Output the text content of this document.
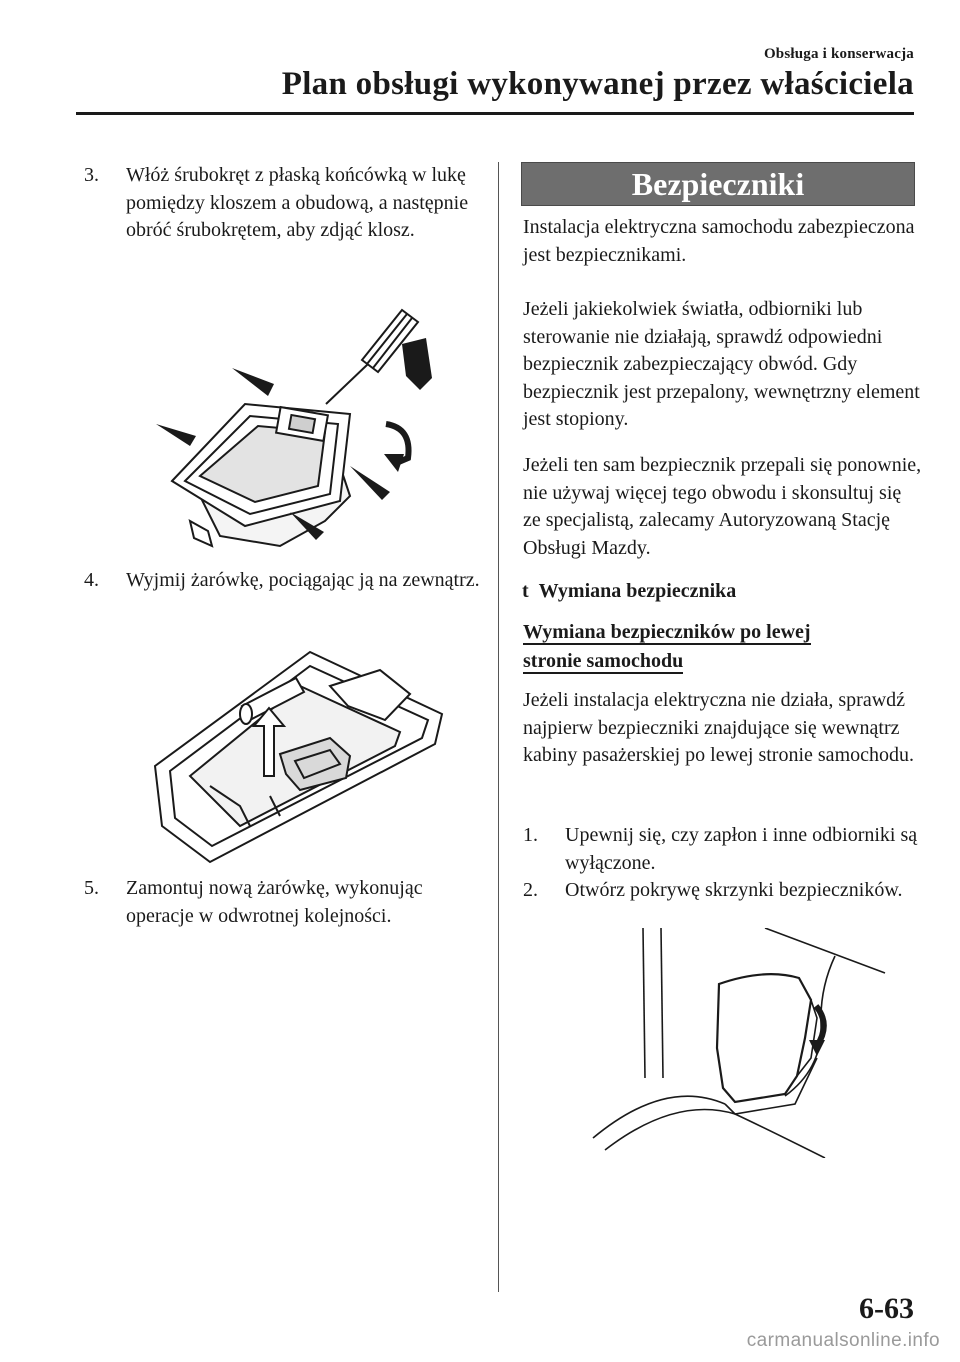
Obsługa i konserwacja
Plan obsługi wykonywanej przez właściciela
3. Włóż śrubokręt z płaską końcówką w lukę pomiędzy kloszem a obudową, a następnie obróć śrubokrętem, aby zdjąć klosz.
4. Wyjmij żarówkę, pociągając ją na zewnątrz.
5. Zamontuj nową żarówkę, wykonując operacje w odwrotnej kolejności.
Bezpieczniki
Instalacja elektryczna samochodu zabezpieczona jest bezpiecznikami.
Jeżeli jakiekolwiek światła, odbiorniki lub sterowanie nie działają, sprawdź odpowiedni bezpiecznik zabezpieczający obwód. Gdy bezpiecznik jest przepalony, wewnętrzny element jest stopiony.
Jeżeli ten sam bezpiecznik przepali się ponownie, nie używaj więcej tego obwodu i skonsultuj się ze specjalistą, zalecamy Autoryzowaną Stację Obsługi Mazdy.
t Wymiana bezpiecznika
Wymiana bezpieczników po lewej stronie samochodu
Jeżeli instalacja elektryczna nie działa, sprawdź najpierw bezpieczniki znajdujące się wewnątrz kabiny pasażerskiej po lewej stronie samochodu.
1. Upewnij się, czy zapłon i inne odbiorniki są wyłączone.
2. Otwórz pokrywę skrzynki bezpieczników.
6-63
carmanualsonline.info
